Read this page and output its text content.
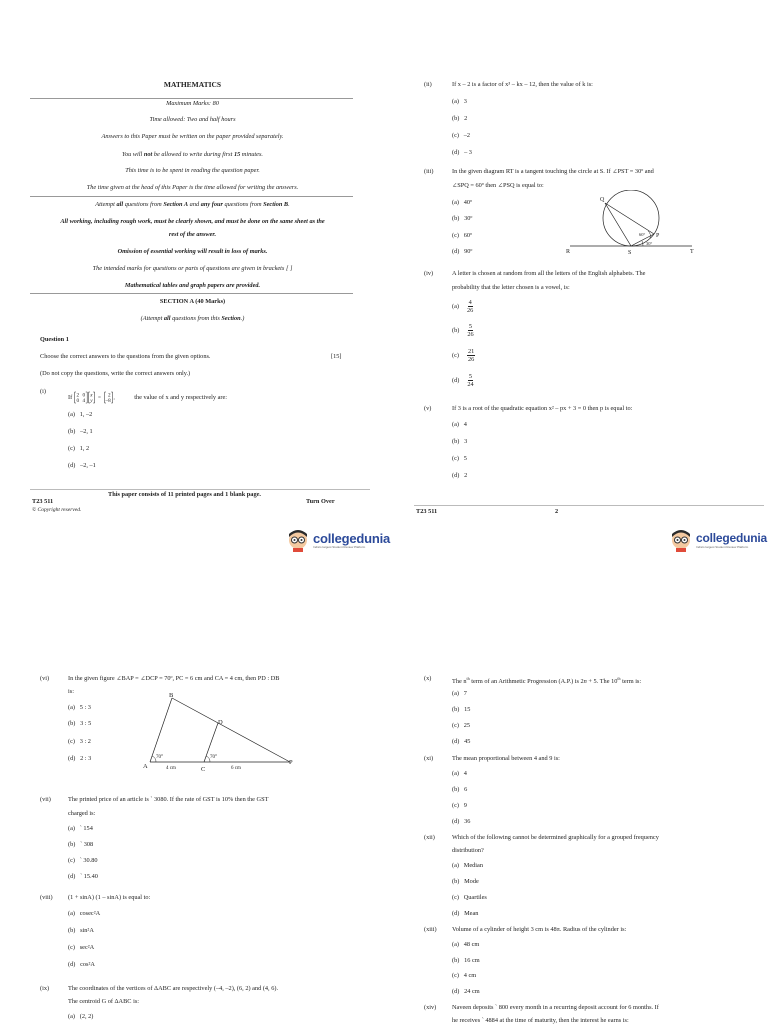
MATHEMATICS
Maximum Marks: 80
Time allowed: Two and half hours
Answers to this Paper must be written on the paper provided separately.
You will not be allowed to write during first 15 minutes.
This time is to be spent in reading the question paper.
The time given at the head of this Paper is the time allowed for writing the answers.
Attempt all questions from Section A and any four questions from Section B.
All working, including rough work, must be clearly shown, and must be done on the same sheet as the
rest of the answer.
Omission of essential working will result in loss of marks.
The intended marks for questions or parts of questions are given in brackets [ ]
Mathematical tables and graph papers are provided.
SECTION A (40 Marks)
(Attempt all questions from this Section.)
Question 1
Choose the correct answers to the questions from the given options.	[15]
(Do not copy the questions, write the correct answers only.)
(i)
If 2 0
0 4
x
y = 2
–8 ,	the value of x and y respectively are:
(a) 1, –2
(b) –2, 1
(c) 1, 2
(d) –2, –1
This paper consists of 11 printed pages and 1 blank page.
T23 511	Turn Over
© Copyright reserved.
collegedunia
India's largest Student Review Platform
(ii)	If x – 2 is a factor of x³ – kx – 12, then the value of k is:
(a) 3
(b) 2
(c) –2
(d) – 3
(iii)	In the given diagram RT is a tangent touching the circle at S. If ∠PST = 30º and
∠SPQ = 60º then ∠PSQ is equal to:
(a) 40º
(b) 30º
(c) 60º
(d) 90º
Q
P
R	S	T
60°
30°
(iv)	A letter is chosen at random from all the letters of the English alphabets. The
probability that the letter chosen is a vowel, is:
$(a) \frac{4}{26}$
$(b) \frac{5}{26}$
$(c) \frac{21}{26}$
$(d) \frac{5}{24}$
(v)	If 3 is a root of the quadratic equation x² – px + 3 = 0 then p is equal to:
(a) 4
(b) 3
(c) 5
(d) 2
T23 511	2
collegedunia
India's largest Student Review Platform
(vi)	In the given figure ∠BAP = ∠DCP = 70º, PC = 6 cm and CA = 4 cm, then PD : DB
is:
(a) 5 : 3
(b) 3 : 5
(c) 3 : 2
(d) 2 : 3
A
B
C
D
P
70°	70°
4 cm	6 cm
(vii)	The printed price of an article is ` 3080. If the rate of GST is 10% then the GST
charged is:
(a) ` 154
(b) ` 308
(c) ` 30.80
(d) ` 15.40
(viii) (1 + sinA) (1 – sinA) is equal to:
(a) cosec²A
(b) sin²A
(c) sec²A
(d) cos²A
(ix)	The coordinates of the vertices of ΔABC are respectively (–4, –2), (6, 2) and (4, 6).
The centroid G of ΔABC is:
(a) (2, 2)
(x)	The $n^{th}$ term of an Arithmetic Progression (A.P.) is 2n + 5. The 10th term is:
(a) 7
(b) 15
(c) 25
(d) 45
(xi)	The mean proportional between 4 and 9 is:
(a) 4
(b) 6
(c) 9
(d) 36
(xii)	Which of the following cannot be determined graphically for a grouped frequency
distribution?
(a) Median
(b) Mode
(c) Quartiles
(d) Mean
(xiii) Volume of a cylinder of height 3 cm is 48π. Radius of the cylinder is:
(a) 48 cm
(b) 16 cm
(c) 4 cm
(d) 24 cm
(xiv)	Naveen deposits ` 800 every month in a recurring deposit account for 6 months. If
he receives ` 4884 at the time of maturity, then the interest he earns is:
